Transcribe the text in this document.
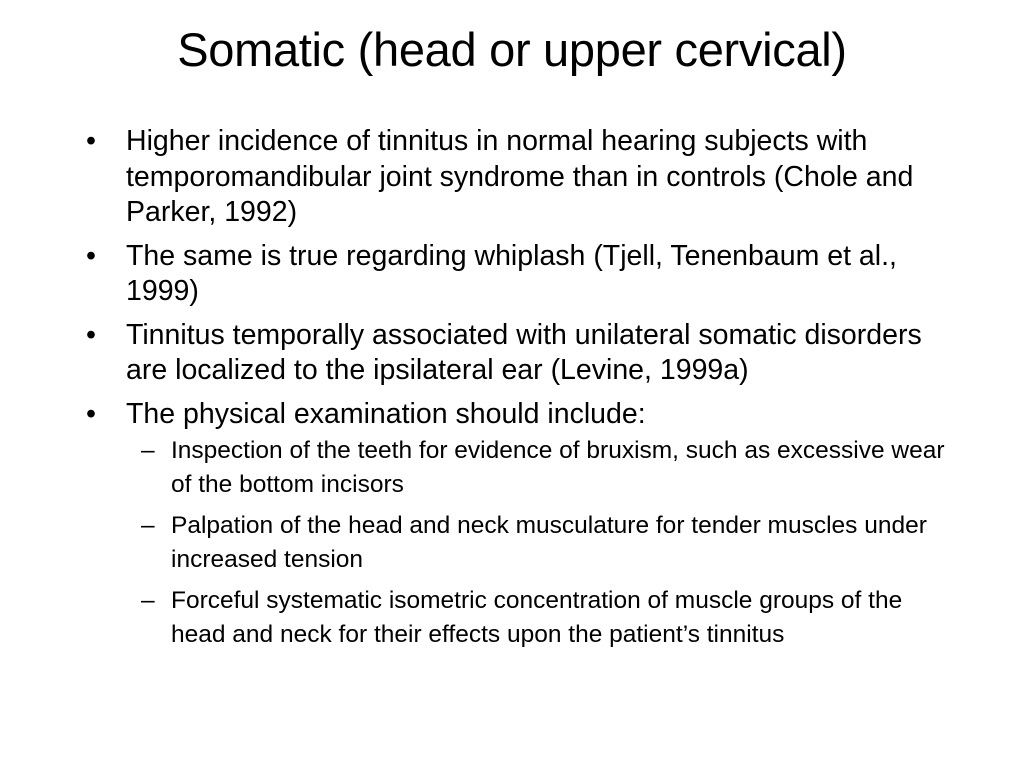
Somatic (head or upper cervical)
•	Higher incidence of tinnitus in normal hearing subjects with temporomandibular joint syndrome than in controls (Chole and Parker, 1992)
•	The same is true regarding whiplash (Tjell, Tenenbaum et al., 1999)
•	Tinnitus temporally associated with unilateral somatic disorders are localized to the ipsilateral ear (Levine, 1999a)
•	The physical examination should include:
– Inspection of the teeth for evidence of bruxism, such as excessive wear of the bottom incisors
– Palpation of the head and neck musculature for tender muscles under increased tension
– Forceful systematic isometric concentration of muscle groups of the head and neck for their effects upon the patient’s tinnitus
